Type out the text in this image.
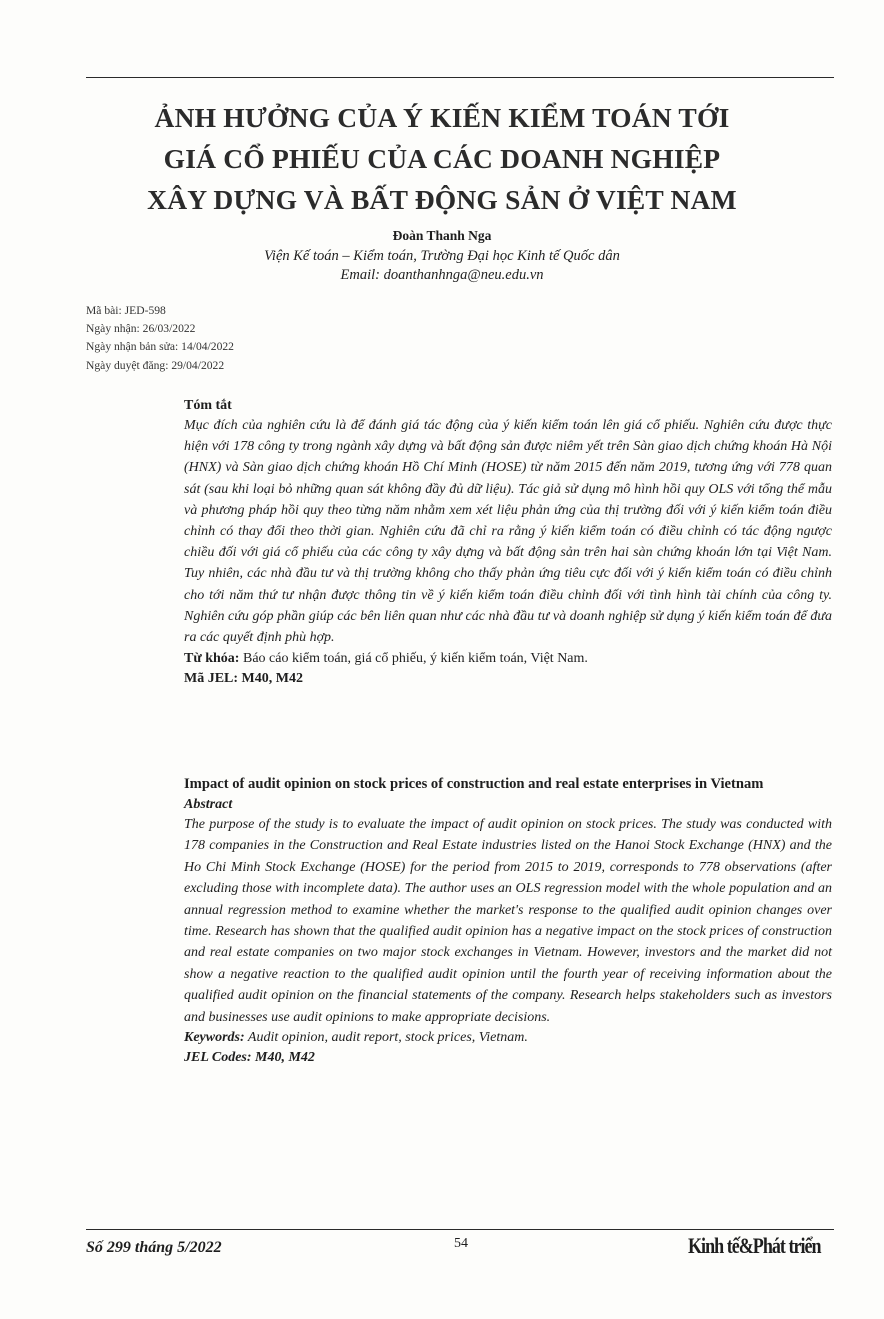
ẢNH HƯỞNG CỦA Ý KIẾN KIỂM TOÁN TỚI
GIÁ CỔ PHIẾU CỦA CÁC DOANH NGHIỆP
XÂY DỰNG VÀ BẤT ĐỘNG SẢN Ở VIỆT NAM
Đoàn Thanh Nga
Viện Kế toán – Kiểm toán, Trường Đại học Kinh tế Quốc dân
Email: doanthanhnga@neu.edu.vn
Mã bài: JED-598
Ngày nhận: 26/03/2022
Ngày nhận bản sửa: 14/04/2022
Ngày duyệt đăng: 29/04/2022
Tóm tắt

Mục đích của nghiên cứu là để đánh giá tác động của ý kiến kiểm toán lên giá cổ phiếu. Nghiên cứu được thực hiện với 178 công ty trong ngành xây dựng và bất động sản được niêm yết trên Sàn giao dịch chứng khoán Hà Nội (HNX) và Sàn giao dịch chứng khoán Hồ Chí Minh (HOSE) từ năm 2015 đến năm 2019, tương ứng với 778 quan sát (sau khi loại bỏ những quan sát không đầy đủ dữ liệu). Tác giả sử dụng mô hình hồi quy OLS với tổng thể mẫu và phương pháp hồi quy theo từng năm nhằm xem xét liệu phản ứng của thị trường đối với ý kiến kiểm toán điều chỉnh có thay đổi theo thời gian. Nghiên cứu đã chỉ ra rằng ý kiến kiểm toán có điều chỉnh có tác động ngược chiều đối với giá cổ phiếu của các công ty xây dựng và bất động sản trên hai sàn chứng khoán lớn tại Việt Nam. Tuy nhiên, các nhà đầu tư và thị trường không cho thấy phản ứng tiêu cực đối với ý kiến kiểm toán có điều chỉnh cho tới năm thứ tư nhận được thông tin về ý kiến kiểm toán điều chỉnh đối với tình hình tài chính của công ty. Nghiên cứu góp phần giúp các bên liên quan như các nhà đầu tư và doanh nghiệp sử dụng ý kiến kiểm toán để đưa ra các quyết định phù hợp.

Từ khóa: Báo cáo kiểm toán, giá cổ phiếu, ý kiến kiểm toán, Việt Nam.
Mã JEL: M40, M42
Impact of audit opinion on stock prices of construction and real estate enterprises in Vietnam
Abstract

The purpose of the study is to evaluate the impact of audit opinion on stock prices. The study was conducted with 178 companies in the Construction and Real Estate industries listed on the Hanoi Stock Exchange (HNX) and the Ho Chi Minh Stock Exchange (HOSE) for the period from 2015 to 2019, corresponds to 778 observations (after excluding those with incomplete data). The author uses an OLS regression model with the whole population and an annual regression method to examine whether the market's response to the qualified audit opinion changes over time. Research has shown that the qualified audit opinion has a negative impact on the stock prices of construction and real estate companies on two major stock exchanges in Vietnam. However, investors and the market did not show a negative reaction to the qualified audit opinion until the fourth year of receiving information about the qualified audit opinion on the financial statements of the company. Research helps stakeholders such as investors and businesses use audit opinions to make appropriate decisions.

Keywords: Audit opinion, audit report, stock prices, Vietnam.
JEL Codes: M40, M42
Số 299 tháng 5/2022	54	Kinh tế&Phát triển
